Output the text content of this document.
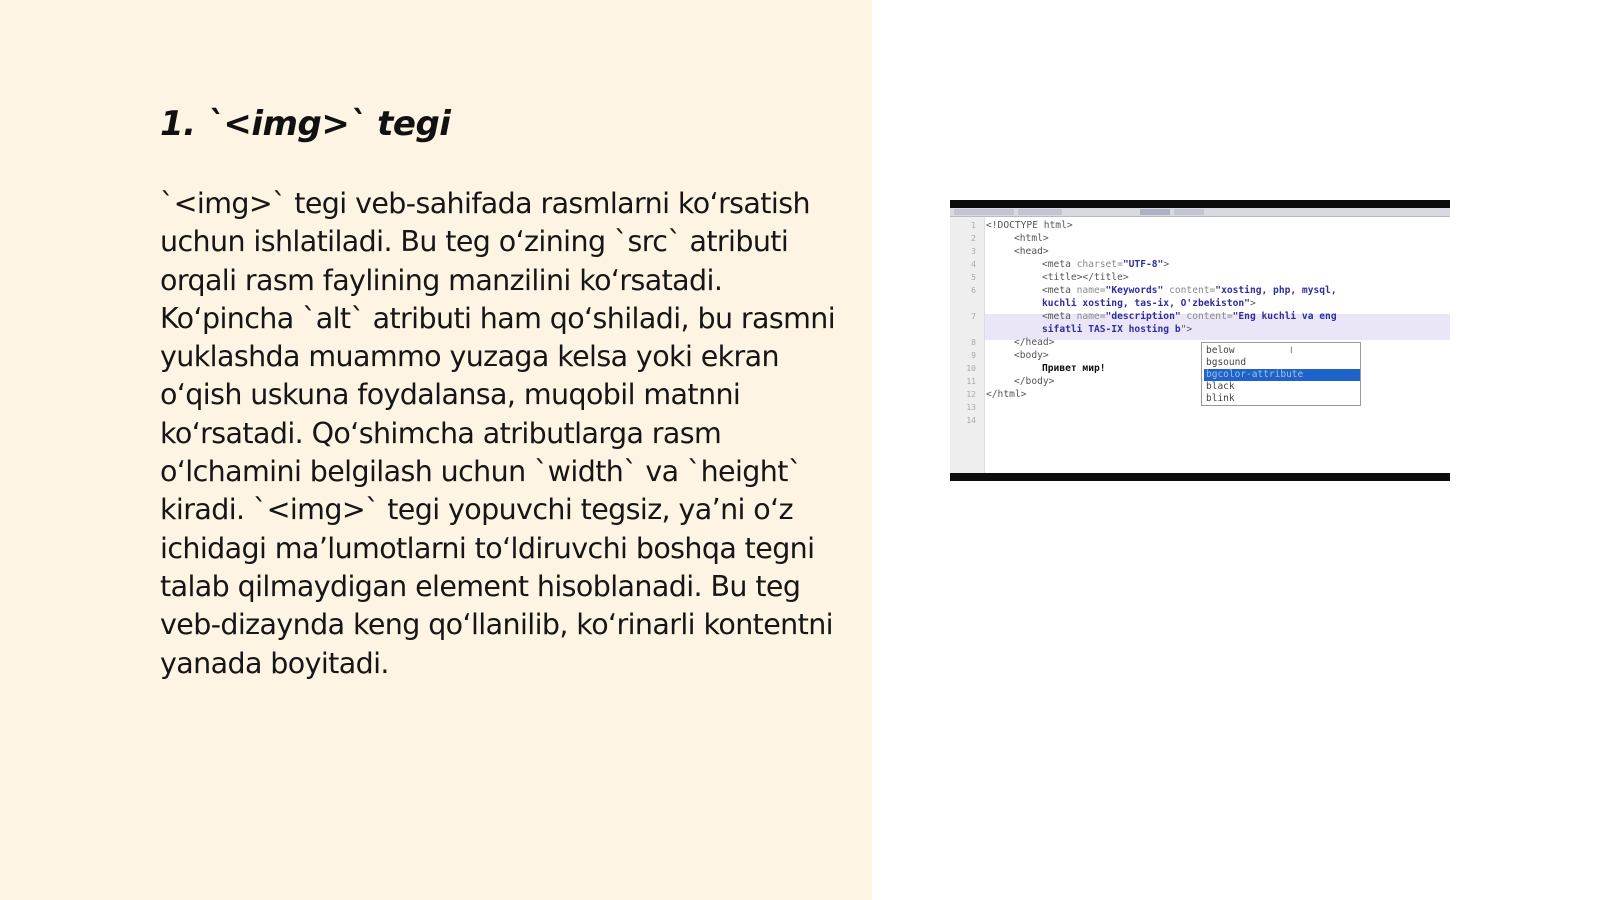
1. `<img>` tegi

`<img>` tegi veb-sahifada rasmlarni koʻrsatish uchun ishlatiladi. Bu teg oʻzining `src` atributi orqali rasm faylining manzilini koʻrsatadi. Koʻpincha `alt` atributi ham qoʻshiladi, bu rasmni yuklashda muammo yuzaga kelsa yoki ekran oʻqish uskuna foydalansa, muqobil matnni koʻrsatadi. Qoʻshimcha atributlarga rasm oʻlchamini belgilash uchun `width` va `height` kiradi. `<img>` tegi yopuvchi tegsiz, yaʼni oʻz ichidagi maʼlumotlarni toʻldiruvchi boshqa tegni talab qilmaydigan element hisoblanadi. Bu teg veb-dizaynda keng qoʻllanilib, koʻrinarli kontentni yanada boyitadi.

1
2
3
4
5
6
7
8
9
10
11
12
13
14
<!DOCTYPE html>
<html>
<head>
<meta charset="UTF-8">
<title></title>
<meta name="Keywords" content="xosting, php, mysql,
kuchli xosting, tas-ix, O'zbekiston">
<meta name="description" content="Eng kuchli va eng
sifatli TAS-IX hosting b">
</head>
<body>
Привет мир!
</body>
</html>
below
bgsound
bgcolor-attribute
black
blink
I
